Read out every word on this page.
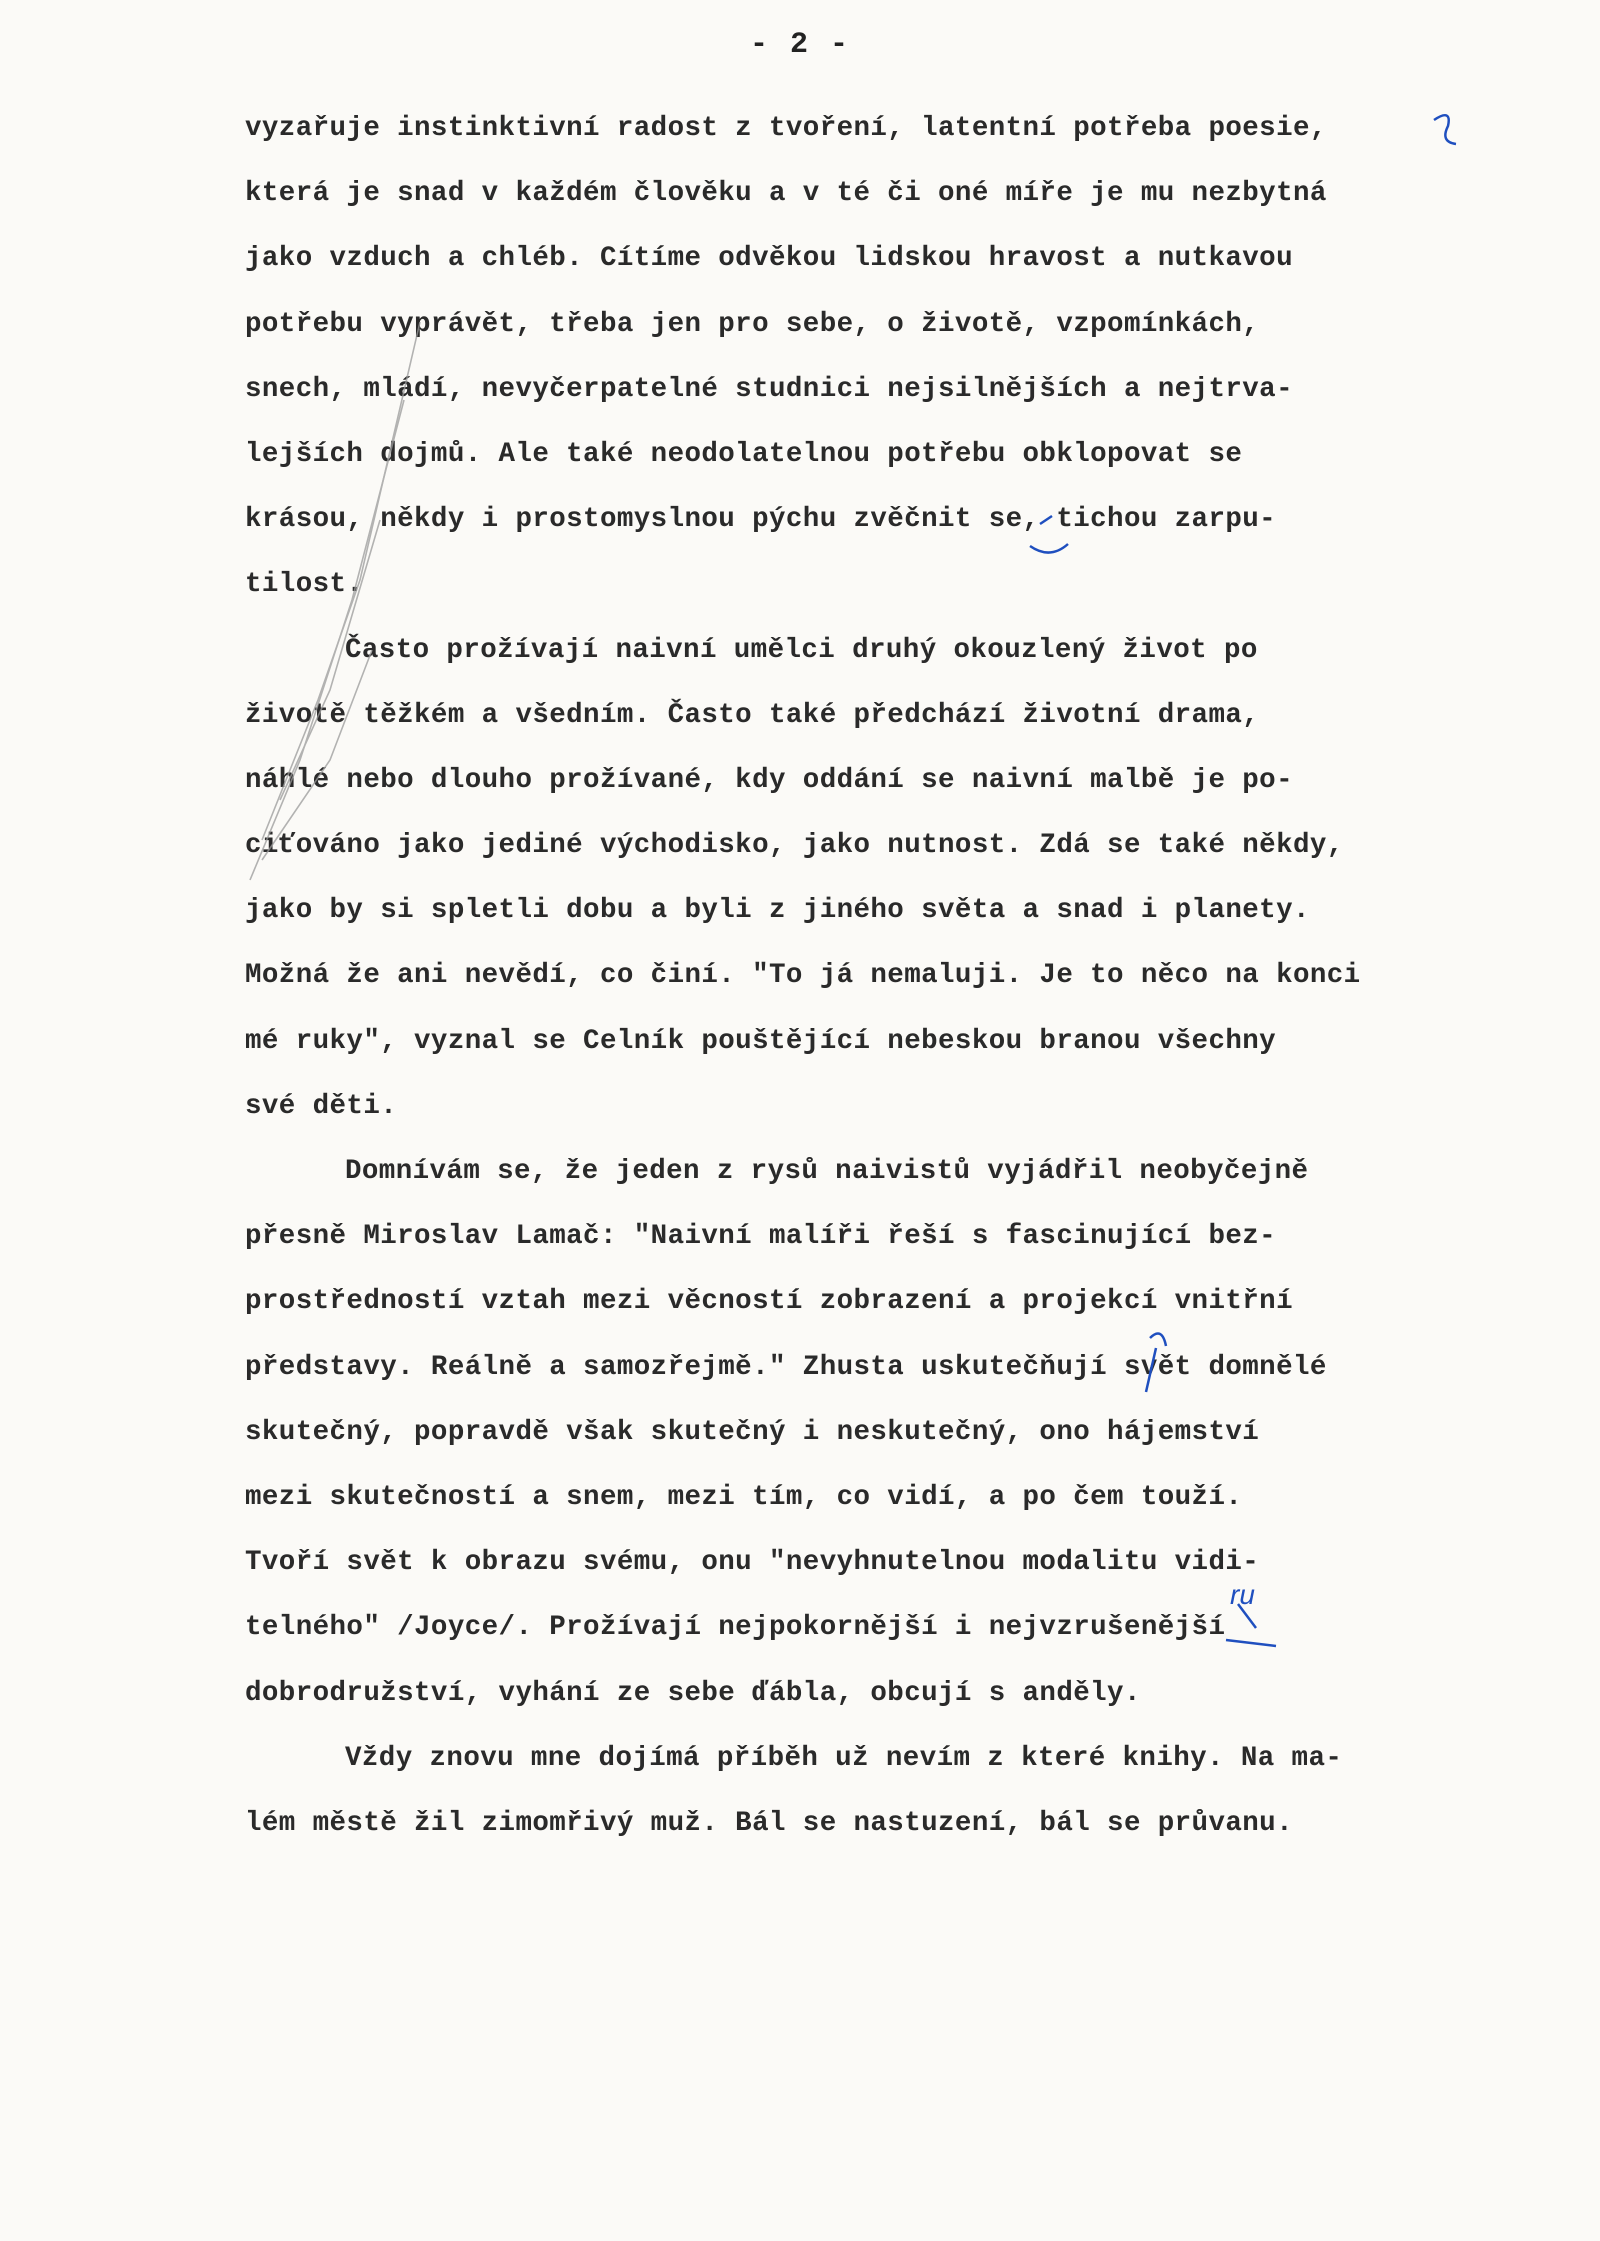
- 2 -
vyzařuje instinktivní radost z tvoření, latentní potřeba poesie,
která je snad v každém člověku a v té či oné míře je mu nezbytná
jako vzduch a chléb. Cítíme odvěkou lidskou hravost a nutkavou
potřebu vyprávět, třeba jen pro sebe, o životě, vzpomínkách,
snech, mládí, nevyčerpatelné studnici nejsilnějších a nejtrva-
lejších dojmů. Ale také neodolatelnou potřebu obklopovat se
krásou, někdy i prostomyslnou pýchu zvěčnit se, tichou zarpu-
tilost.
Často prožívají naivní umělci druhý okouzlený život po
životě těžkém a všedním. Často také předchází životní drama,
náhlé nebo dlouho prožívané, kdy oddání se naivní malbě je po-
ciťováno jako jediné východisko, jako nutnost. Zdá se také někdy,
jako by si spletli dobu a byli z jiného světa a snad i planety.
Možná že ani nevědí, co činí. "To já nemaluji. Je to něco na konci
mé ruky", vyznal se Celník pouštějící nebeskou branou všechny
své děti.
Domnívám se, že jeden z rysů naivistů vyjádřil neobyčejně
přesně Miroslav Lamač: "Naivní malíři řeší s fascinující bez-
prostředností vztah mezi věcností zobrazení a projekcí vnitřní
představy. Reálně a samozřejmě." Zhusta uskutečňují svět domnělé
skutečný, popravdě však skutečný i neskutečný, ono hájemství
mezi skutečností a snem, mezi tím, co vidí, a po čem touží.
Tvoří svět k obrazu svému, onu "nevyhnutelnou modalitu vidi-
telného" /Joyce/. Prožívají nejpokornější i nejvzrušenější
dobrodružství, vyhání ze sebe ďábla, obcují s anděly.
Vždy znovu mne dojímá příběh už nevím z které knihy. Na ma-
lém městě žil zimomřivý muž. Bál se nastuzení, bál se průvanu.
ru
